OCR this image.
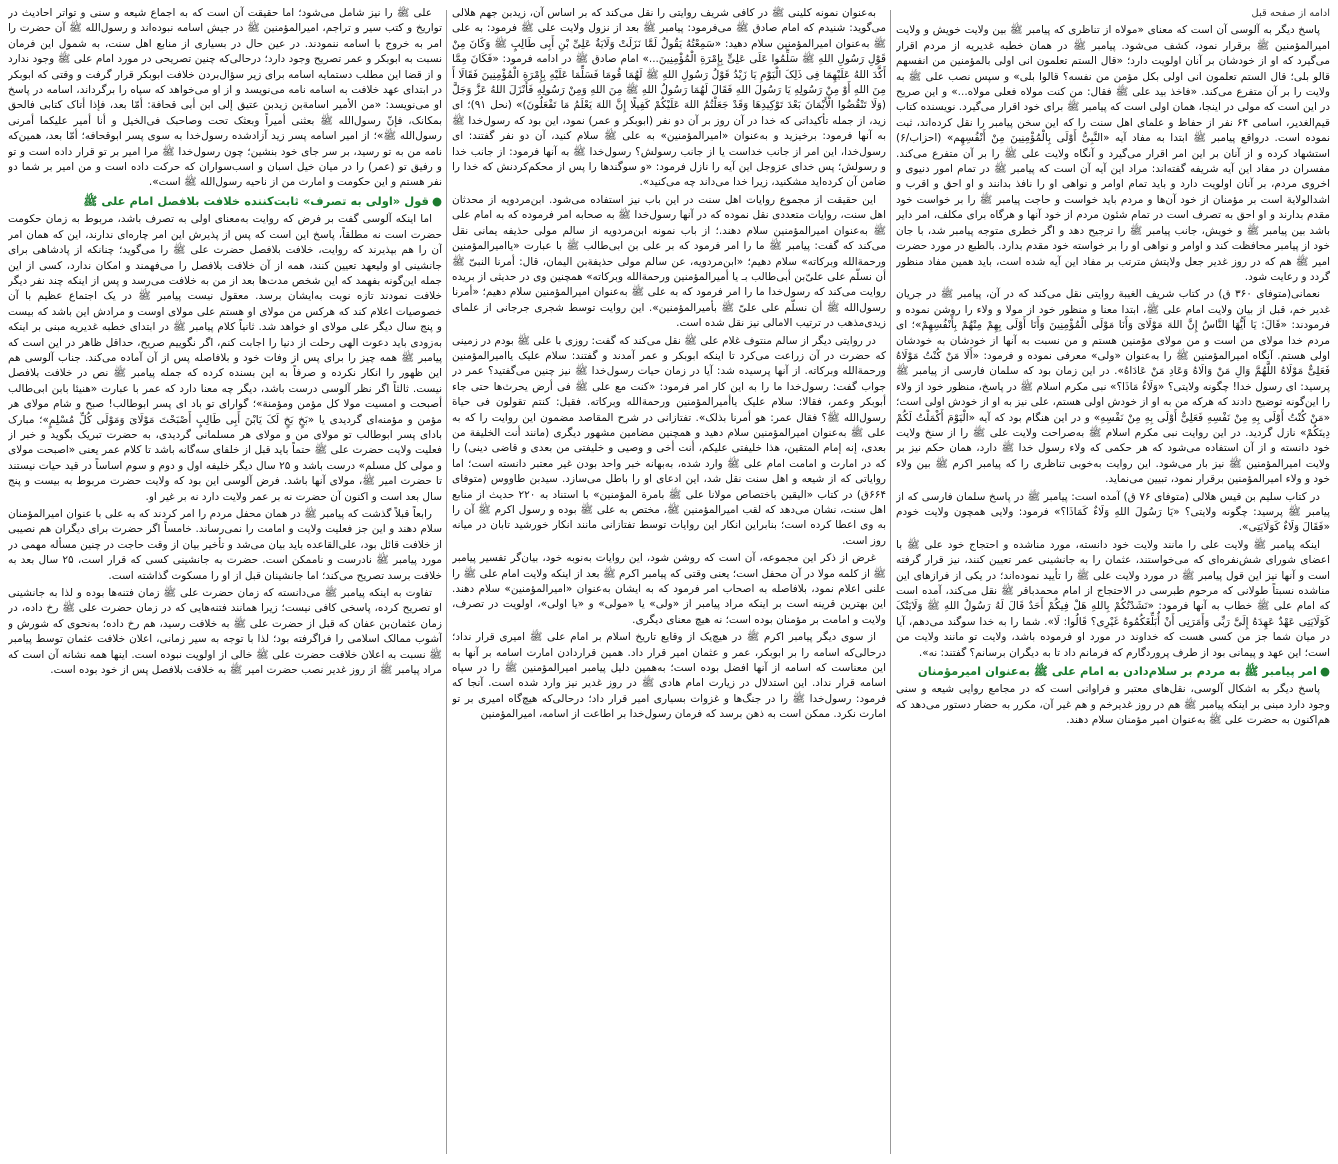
ادامه از صفحه قبل

پاسخ دیگر به آلوسی آن است که معنای «مولاه از تناظری که پیامبر ﷺ بین ولایت خویش و ولایت امیرالمؤمنین ﷺ برقرار نمود، کشف می‌شود. پیامبر ﷺ در همان خطبه غدیریه از مردم اقرار می‌گیرد که او از خودشان بر آنان اولویت دارد؛ «قال الستم تعلمون انی اولی بالمؤمنین من انفسهم قالو بلی؛ قال الستم تعلمون انی اولی بکل مؤمن من نفسه؟ قالوا بلی» و سپس نصب علی ﷺ به ولایت را بر آن متفرع می‌کند. «فاخذ بید علی ﷺ فقال: من کنت مولاه فعلی مولاه...» و این صریح در این است که مولی در اینجا، همان اولی است که پیامبر ﷺ برای خود اقرار می‌گیرد. نویسنده کتاب قیم‌الغدیر، اسامی ۶۴ نفر از حفاظ و علمای اهل سنت را که این سخن پیامبر را نقل کرده‌اند، ثبت نموده است. درواقع پیامبر ﷺ ابتدا به مفاد آیه «النَّبِیُّ أَوْلَی بِالْمُؤْمِنِینَ مِنْ أَنْفُسِهِم» (احزاب/۶) استشهاد کرده و از آنان بر این امر اقرار می‌گیرد و آنگاه ولایت علی ﷺ را بر آن متفرع می‌کند. مفسران در مفاد این آیه شریفه گفته‌اند: مراد این آیه آن است که پیامبر ﷺ در تمام امور دنیوی و اخروی مردم، بر آنان اولویت دارد و باید تمام اوامر و نواهی او را نافذ بدانند و او احق و اقرب و اشدالولایة است بر مؤمنان از خود آن‌ها و مردم باید خواست و حاجت پیامبر ﷺ را بر خواست خود مقدم بدارند و او احق به تصرف است در تمام شئون مردم از خود آنها و هرگاه برای مکلف، امر دایر باشد بین پیامبر ﷺ و خویش، جانب پیامبر ﷺ را ترجیح دهد و اگر خطری متوجه پیامبر شد، با جان خود از پیامبر محافظت کند و اوامر و نواهی او را بر خواسته خود مقدم بدارد. بالطبع در مورد حضرت امیر ﷺ هم که در روز غدیر جعل ولایتش مترتب بر مفاد این آیه شده است، باید همین مفاد منظور گردد و رعایت شود.

نعمانی(متوفای ۳۶۰ ق) در کتاب شریف الغیبة روایتی نقل می‌کند که در آن، پیامبر ﷺ در جریان غدیر خم، قبل از بیان ولایت امام علی ﷺ، ابتدا معنا و منظور خود از مولا و ولاء را روشن نموده و فرمودند: «قَالَ: یَا أَیُّهَا النَّاسُ إِنَّ اللهَ مَوْلَایَ وَأَنَا مَوْلَی الْمُؤْمِنِینَ وَأَنَا أَوْلَی بِهِمْ مِنْهُمْ بِأَنْفُسِهِمْ»؛ ای مردم خدا مولای من است و من مولای مؤمنین هستم و من نسبت به آنها از خودشان به خودشان اولی هستم. آنگاه امیرالمؤمنین ﷺ را به‌عنوان «ولی» معرفی نموده و فرمود: «أَلَا مَنْ کُنْتُ مَوْلَاهُ فَعَلِیٌّ مَوْلَاهُ اللَّهُمَّ وَالِ مَنْ وَالَاهُ وَعَادِ مَنْ عَادَاهُ». در این زمان بود که سلمان فارسی از پیامبر ﷺ پرسید: ای رسول خدا! چگونه ولایتی؟ «وَلَاءٌ مَاذَا؟» نبی مکرم اسلام ﷺ در پاسخ، منظور خود از ولاء را این‌گونه توضیح دادند که هرکه من به او از خودش اولی هستم، علی نیز به او از خودش اولی است؛ «مَنْ کُنْتُ أَوْلَی بِهِ مِنْ نَفْسِهِ فَعَلِیٌّ أَوْلَی بِهِ مِنْ نَفْسِهِ» و در این هنگام بود که آیه «الْیَوْمَ أَکْمَلْتُ لَکُمْ دِینَکُمْ» نازل گردید. در این روایت نبی مکرم اسلام ﷺ به‌صراحت ولایت علی ﷺ را از سنخ ولایت خود دانسته و از آن استفاده می‌شود که هر حکمی که ولاء رسول خدا ﷺ دارد، همان حکم نیز بر ولایت امیرالمؤمنین ﷺ نیز بار می‌شود. این روایت به‌خوبی تناظری را که پیامبر اکرم ﷺ بین ولاء خود و ولاء امیرالمؤمنین برقرار نمود، تبیین می‌نماید.

در کتاب سلیم بن قیس هلالی (متوفای ۷۶ ق) آمده است: پیامبر ﷺ در پاسخ سلمان فارسی که از پیامبر ﷺ پرسید: چگونه ولایتی؟ «یَا رَسُولَ اللهِ وَلَاءٌ کَمَاذَا؟» فرمود: ولایی همچون ولایت خودم «فَقَالَ وَلَاءٌ کَوَلَایَتِی».

اینکه پیامبر ﷺ ولایت علی را مانند ولایت خود دانسته، مورد مناشده و احتجاج خود علی ﷺ با اعضای شورای شش‌نفره‌ای که می‌خواستند، عثمان را به جانشینی عمر تعیین کنند، نیز قرار گرفته است و آنها نیز این قول پیامبر ﷺ در مورد ولایت علی ﷺ را تأیید نموده‌اند؛ در یکی از فرازهای این مناشده نسبتاً طولانی که مرحوم طبرسی در الاحتجاج از امام محمدباقر ﷺ نقل می‌کند، آمده است که امام علی ﷺ خطاب به آنها فرمود: «نَشَدْتُکُمْ بِاللهِ هَلْ فِیکُمْ أَحَدٌ قَالَ لَهُ رَسُولُ اللهِ ﷺ وَلَایَتُکَ کَوَلَایَتِی عَهْدٌ عَهِدَهُ إِلَیَّ رَبِّی وَأَمَرَنِی أَنْ أُبَلِّغَکُمُوهُ غَیْرِی؟ قَالُوا: لَا». شما را به خدا سوگند می‌دهم، آیا در میان شما جز من کسی هست که خداوند در مورد او فرموده باشد، ولایت تو مانند ولایت من است؛ این عهد و پیمانی بود از طرف پروردگارم که فرمانم داد تا به دیگران برسانم؟ گفتند: نه».

●امر پیامبر ﷺ به مردم بر سلام‌دادن به امام علی ﷺ به‌عنوان امیرمؤمنان

پاسخ دیگر به اشکال آلوسی، نقل‌های معتبر و فراوانی است که در مجامع روایی شیعه و سنی وجود دارد مبنی بر اینکه پیامبر ﷺ هم در روز غدیرخم و هم غیر آن، مکرر به حضار دستور می‌دهد که هم‌اکنون به حضرت علی ﷺ به‌عنوان امیر مؤمنان سلام دهند.

به‌عنوان نمونه کلینی ﷺ در کافی شریف روایتی را نقل می‌کند که بر اساس آن، زیدبن جهم هلالی می‌گوید: شنیدم که امام صادق ﷺ می‌فرمود: پیامبر ﷺ بعد از نزول ولایت علی ﷺ فرمود: به علی ﷺ به‌عنوان امیرالمؤمنین سلام دهید: «سَمِعْتُهُ یَقُولُ لَمَّا نَزَلَتْ وَلَایَةُ عَلِیِّ بْنِ أَبِی طَالِبٍ ﷺ وَکَانَ مِنْ قَوْلِ رَسُولِ اللهِ ﷺ سَلِّمُوا عَلَی عَلِیٍّ بِإِمْرَةِ الْمُؤْمِنِینَ...» امام صادق ﷺ در ادامه فرمود: «فَکَانَ مِمَّا أَکَّدَ اللهُ عَلَیْهِمَا فِی ذَلِکَ الْیَوْمِ یَا زَیْدُ قَوْلُ رَسُولِ اللهِ ﷺ لَهُمَا قُومَا فَسَلِّمَا عَلَیْهِ بِإِمْرَةِ الْمُؤْمِنِینَ فَقَالَا أَ مِنَ اللهِ أَوْ مِنْ رَسُولِهِ یَا رَسُولَ اللهِ فَقَالَ لَهُمَا رَسُولُ اللهِ ﷺ مِنَ اللهِ وَمِنْ رَسُولِهِ فَأَنْزَلَ اللهُ عَزَّ وَجَلَّ (وَلَا تَنْقُضُوا الْأَیْمَانَ بَعْدَ تَوْکِیدِهَا وَقَدْ جَعَلْتُمُ اللهَ عَلَیْکُمْ کَفِیلًا إِنَّ اللهَ یَعْلَمُ مَا تَفْعَلُونَ)» (نحل ۹۱)؛ ای زید، از جمله تأکیداتی که خدا در آن روز بر آن دو نفر (ابوبکر و عمر) نمود، این بود که رسول‌خدا ﷺ به آنها فرمود: برخیزید و به‌عنوان «امیرالمؤمنین» به علی ﷺ سلام کنید، آن دو نفر گفتند: ای رسول‌خدا، این امر از جانب خداست یا از جانب رسولش؟ رسول‌خدا ﷺ به آنها فرمود: از جانب خدا و رسولش؛ پس خدای عزوجل این آیه را نازل فرمود: «و سوگندها را پس از محکم‌کردنش که خدا را ضامن آن کرده‌اید مشکنید، زیرا خدا می‌داند چه می‌کنید».

این حقیقت از مجموع روایات اهل سنت در این باب نیز استفاده می‌شود. ابن‌مردویه از محدثان اهل سنت، روایات متعددی نقل نموده که در آنها رسول‌خدا ﷺ به صحابه امر فرموده که به امام علی ﷺ به‌عنوان امیرالمؤمنین سلام دهند.؛ از باب نمونه ابن‌مردویه از سالم مولی حذیفه یمانی نقل می‌کند که گفت: پیامبر ﷺ ما را امر فرمود که بر علی بن ابی‌طالب ﷺ با عبارت «یاامیرالمؤمنین ورحمة‌الله وبرکاته» سلام دهیم؛ «ابن‌مردویه، عن سالم مولی حذیفة‌بن الیمان، قال: أمرنا النبیّ ﷺ أن نسلّم علی علیّ‌بن أبی‌طالب بـ یا أمیرالمؤمنین ورحمة‌الله وبرکاته» همچنین وی در حدیثی از بریده روایت می‌کند که رسول‌خدا ما را امر فرمود که به علی ﷺ به‌عنوان امیرالمؤمنین سلام دهیم؛ «أمرنا رسول‌الله ﷺ أن نسلّم علی علیّ ﷺ بأمیرالمؤمنین». این روایت توسط شجری جرجانی از علمای زیدی‌مذهب در ترتیب الامالی نیز نقل شده است.

در روایتی دیگر از سالم منتوف غلام علی ﷺ نقل می‌کند که گفت: روزی با علی ﷺ بودم در زمینی که حضرت در آن زراعت می‌کرد تا اینکه ابوبکر و عمر آمدند و گفتند: سلام علیک یاامیرالمؤمنین ورحمة‌الله وبرکاته. از آنها پرسیده شد: آیا در زمان حیات رسول‌خدا ﷺ نیز چنین می‌گفتید؟ عمر در جواب گفت: رسول‌خدا ما را به این کار امر فرمود: «کنت مع علی ﷺ فی أرض یحرث‌ها حتی جاء أبوبکر وعمر، فقالا: سلام علیک یاأمیرالمؤمنین ورحمة‌الله وبرکاته. فقیل: کنتم تقولون فی حیاة رسول‌الله ﷺ؟ فقال عمر: هو أمرنا بذلک». تفتازانی در شرح المقاصد مضمون این روایت را که به علی ﷺ به‌عنوان امیرالمؤمنین سلام دهید و همچنین مضامین مشهور دیگری (مانند أنت الخلیفة من بعدی، إنه إمام المتقین، هذا خلیفتی علیکم، أنت أخی و وصیی و خلیفتی من بعدی و قاضی دینی) را که در امارت و امامت امام علی ﷺ وارد شده، به‌بهانه خبر واحد بودن غیر معتبر دانسته است؛ اما روایاتی که از شیعه و اهل سنت نقل شد، این ادعای او را باطل می‌سازد. سیدبن طاووس (متوفای ۶۶۴ق) در کتاب «الیقین باختصاص مولانا علی ﷺ بامرة المؤمنین» با استناد به ۲۲۰ حدیث از منابع اهل سنت، نشان می‌دهد که لقب امیرالمؤمنین ﷺ، مختص به علی ﷺ بوده و رسول اکرم ﷺ آن را به وی اعطا کرده است؛ بنابراین انکار این روایات توسط تفتازانی مانند انکار خورشید تابان در میانه روز است.

غرض از ذکر این مجموعه، آن است که روشن شود، این روایات به‌نوبه خود، بیان‌گر تفسیر پیامبر ﷺ از کلمه مولا در آن محفل است؛ یعنی وقتی که پیامبر اکرم ﷺ بعد از اینکه ولایت امام علی ﷺ را علنی اعلام نمود، بلافاصله به اصحاب امر فرمود که به ایشان به‌عنوان «امیرالمؤمنین» سلام دهند. این بهترین قرینه است بر اینکه مراد پیامبر از «ولی» یا «مولی» و «یا اولی»، اولویت در تصرف، ولایت و امامت بر مؤمنان بوده است؛ نه هیچ معنای دیگری.

از سوی دیگر پیامبر اکرم ﷺ در هیچ‌یک از وقایع تاریخ اسلام بر امام علی ﷺ امیری قرار نداد؛ درحالی‌که اسامه را بر ابوبکر، عمر و عثمان امیر قرار داد. همین قراردادن امارت اسامه بر آنها به این معناست که اسامه از آنها افضل بوده است؛ به‌همین دلیل پیامبر امیرالمؤمنین ﷺ را در سپاه اسامه قرار نداد. این استدلال در زیارت امام هادی ﷺ در روز غدیر نیز وارد شده است. آنجا که فرمود: رسول‌خدا ﷺ را در جنگ‌ها و غزوات بسیاری امیر قرار داد؛ درحالی‌که هیچ‌گاه امیری بر تو امارت نکرد. ممکن است به ذهن برسد که فرمان رسول‌خدا بر اطاعت از اسامه، امیرالمؤمنین

علی ﷺ را نیز شامل می‌شود؛ اما حقیقت آن است که به اجماع شیعه و سنی و تواتر احادیث در تواریخ و کتب سیر و تراجم، امیرالمؤمنین ﷺ در جیش اسامه نبوده‌اند و رسول‌الله ﷺ آن حضرت را امر به خروج با اسامه ننمودند. در عین حال در بسیاری از منابع اهل سنت، به شمول این فرمان نسبت به ابوبکر و عمر تصریح وجود دارد؛ درحالی‌که چنین تصریحی در مورد امام علی ﷺ وجود ندارد و از قضا این مطلب دستمایه اسامه برای زیر سؤال‌بردن خلافت ابوبکر قرار گرفت و وقتی که ابوبکر در ابتدای عهد خلافت به اسامه نامه می‌نویسد و از او می‌خواهد که سپاه را برگرداند، اسامه در پاسخ او می‌نویسد: «من الأمیر اسامة‌بن زید‌بن عتیق إلی ابن أبی قحافة: أمّا بعد، فإذا أتاک کتابی فالحق بمکانک، فإنّ رسول‌الله ﷺ بعثنی أمیراً وبعثک تحت وصاحبک فی‌الخیل و أنا أمیر علیکما أمرنی رسول‌الله ﷺ»؛ از امیر اسامه پسر زید آزادشده رسول‌خدا به سوی پسر ابوقحافه؛ أمّا بعد، همین‌که نامه من به تو رسید، بر سر جای خود بنشین؛ چون رسول‌خدا ﷺ مرا امیر بر تو قرار داده است و تو و رفیق تو (عمر) را در میان خیل اسبان و اسب‌سواران که حرکت داده است و من امیر بر شما دو نفر هستم و این حکومت و امارت من از ناحیه رسول‌الله ﷺ است».

●قول «اولی به تصرف» ثابت‌کننده خلافت بلافصل امام علی ﷺ

اما اینکه آلوسی گفت بر فرض که روایت به‌معنای اولی به تصرف باشد، مربوط به زمان حکومت حضرت است نه مطلقاً، پاسخ این است که پس از پذیرش این امر چاره‌ای ندارند، این که همان امر آن را هم بپذیرند که روایت، خلافت بلافصل حضرت علی ﷺ را می‌گوید؛ چنانکه از پادشاهی برای جانشینی او ولیعهد تعیین کنند، همه از آن خلافت بلافصل را می‌فهمند و امکان ندارد، کسی از این جمله این‌گونه بفهمد که این شخص مدت‌ها بعد از من به خلافت می‌رسد و پس از اینکه چند نفر دیگر خلافت نمودند تازه نوبت به‌ایشان برسد. معقول نیست پیامبر ﷺ در یک اجتماع عظیم با آن خصوصیات اعلام کند که هرکس من مولای او هستم علی مولای اوست و مرادش این باشد که بیست و پنج سال دیگر علی مولای او خواهد شد. ثانیاً کلام پیامبر ﷺ در ابتدای خطبه غدیریه مبنی بر اینکه به‌زودی باید دعوت الهی رحلت از دنیا را اجابت کنم، اگر نگوییم صریح، حداقل ظاهر در این است که پیامبر ﷺ همه چیز را برای پس از وفات خود و بلافاصله پس از آن آماده می‌کند. جناب آلوسی هم این ظهور را انکار نکرده و صرفاً به این بسنده کرده که جمله پیامبر ﷺ نص در خلافت بلافصل نیست. ثالثاً اگر نظر آلوسی درست باشد، دیگر چه معنا دارد که عمر با عبارت «هنیئا بابن ابی‌طالب أصبحت و امسیت مولا کل مؤمن ومؤمنة»؛ گوارای تو باد ای پسر ابوطالب! صبح و شام مولای هر مؤمن و مؤمنه‌ای گردیدی یا «بَخٍ بَخٍ لَکَ یَابْنَ أَبِی طَالِبٍ أَصْبَحْتَ مَوْلَایَ وَمَوْلَی کُلِّ مُسْلِمٍ»؛ مبارک بادای پسر ابوطالب تو مولای من و مولای هر مسلمانی گردیدی، به حضرت تبریک بگوید و خبر از فعلیت ولایت حضرت علی ﷺ حتماً باید قبل از خلفای سه‌گانه باشد تا کلام عمر یعنی «اصبحت مولای و مولی کل مسلم» درست باشد و ۲۵ سال دیگر خلیفه اول و دوم و سوم اساساً در قید حیات نیستند تا حضرت امیر ﷺ، مولای آنها باشد. فرض آلوسی این بود که ولایت حضرت مربوط به بیست و پنج سال بعد است و اکنون آن حضرت نه بر عمر ولایت دارد نه بر غیر او.

رابعاً قبلاً گذشت که پیامبر ﷺ در همان محفل مردم را امر کردند که به علی با عنوان امیرالمؤمنان سلام دهند و این جز فعلیت ولایت و امامت را نمی‌رساند. خامساً اگر حضرت برای دیگران هم نصیبی از خلافت قائل بود، علی‌القاعده باید بیان می‌شد و تأخیر بیان از وقت حاجت در چنین مسأله مهمی در مورد پیامبر ﷺ نادرست و ناممکن است. حضرت به جانشینی کسی که قرار است، ۲۵ سال بعد به خلافت برسد تصریح می‌کند؛ اما جانشینان قبل از او را مسکوت گذاشته است.

تفاوت به اینکه پیامبر ﷺ می‌دانسته که زمان حضرت علی ﷺ زمان فتنه‌ها بوده و لذا به جانشینی او تصریح کرده، پاسخی کافی نیست؛ زیرا همانند فتنه‌هایی که در زمان حضرت علی ﷺ رخ داده، در زمان عثمان‌بن عفان که قبل از حضرت علی ﷺ به خلافت رسید، هم رخ داده؛ به‌نحوی که شورش و آشوب ممالک اسلامی را فراگرفته بود؛ لذا با توجه به سیر زمانی، اعلان خلافت عثمان توسط پیامبر ﷺ نسبت به اعلان خلافت حضرت علی ﷺ خالی از اولویت نبوده است. اینها همه نشانه آن است که مراد پیامبر ﷺ از روز غدیر نصب حضرت امیر ﷺ به خلافت بلافصل پس از خود بوده است.
